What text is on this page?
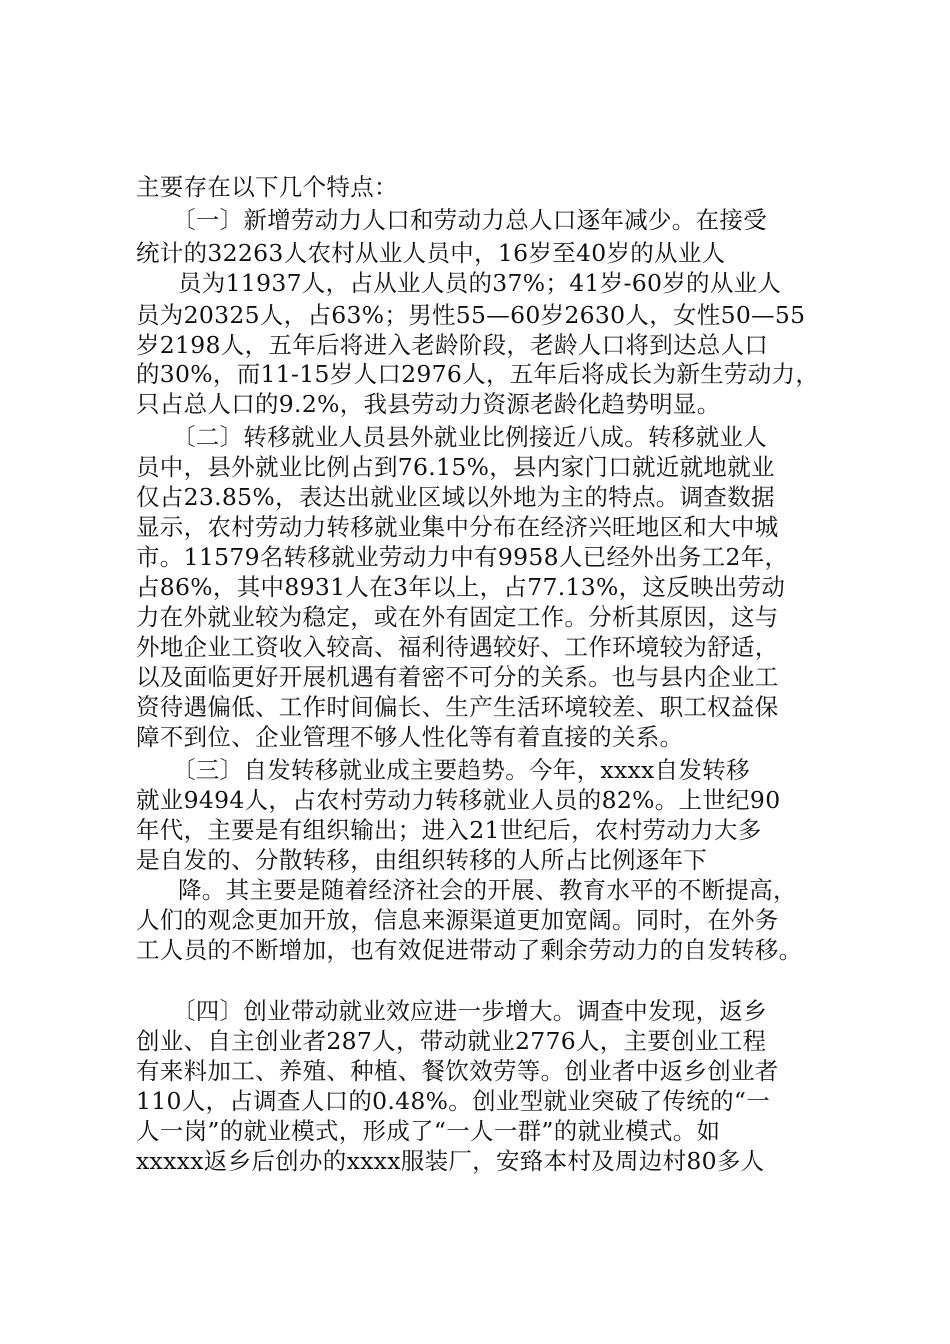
主要存在以下几个特点：
〔一〕新增劳动力人口和劳动力总人口逐年减少。在接受
统计的32263人农村从业人员中，16岁至40岁的从业人
员为11937人，占从业人员的37%；41岁-60岁的从业人
员为20325人，占63%；男性55—60岁2630人，女性50—55
岁2198人，五年后将进入老龄阶段，老龄人口将到达总人口
的30%，而11-15岁人口2976人，五年后将成长为新生劳动力，
只占总人口的9.2%，我县劳动力资源老龄化趋势明显。
〔二〕转移就业人员县外就业比例接近八成。转移就业人
员中，县外就业比例占到76.15%，县内家门口就近就地就业
仅占23.85%，表达出就业区域以外地为主的特点。调查数据
显示，农村劳动力转移就业集中分布在经济兴旺地区和大中城
市。11579名转移就业劳动力中有9958人已经外出务工2年，
占86%，其中8931人在3年以上，占77.13%，这反映出劳动
力在外就业较为稳定，或在外有固定工作。分析其原因，这与
外地企业工资收入较高、福利待遇较好、工作环境较为舒适，
以及面临更好开展机遇有着密不可分的关系。也与县内企业工
资待遇偏低、工作时间偏长、生产生活环境较差、职工权益保
障不到位、企业管理不够人性化等有着直接的关系。
〔三〕自发转移就业成主要趋势。今年，xxxx自发转移
就业9494人，占农村劳动力转移就业人员的82%。上世纪90
年代，主要是有组织输出；进入21世纪后，农村劳动力大多
是自发的、分散转移，由组织转移的人所占比例逐年下
降。其主要是随着经济社会的开展、教育水平的不断提高，
人们的观念更加开放，信息来源渠道更加宽阔。同时，在外务
工人员的不断增加，也有效促进带动了剩余劳动力的自发转移。
〔四〕创业带动就业效应进一步增大。调查中发现，返乡
创业、自主创业者287人，带动就业2776人，主要创业工程
有来料加工、养殖、种植、餐饮效劳等。创业者中返乡创业者
110人，占调查人口的0.48%。创业型就业突破了传统的“一
人一岗”的就业模式，形成了“一人一群”的就业模式。如
xxxxx返乡后创办的xxxx服装厂，安臵本村及周边村80多人
